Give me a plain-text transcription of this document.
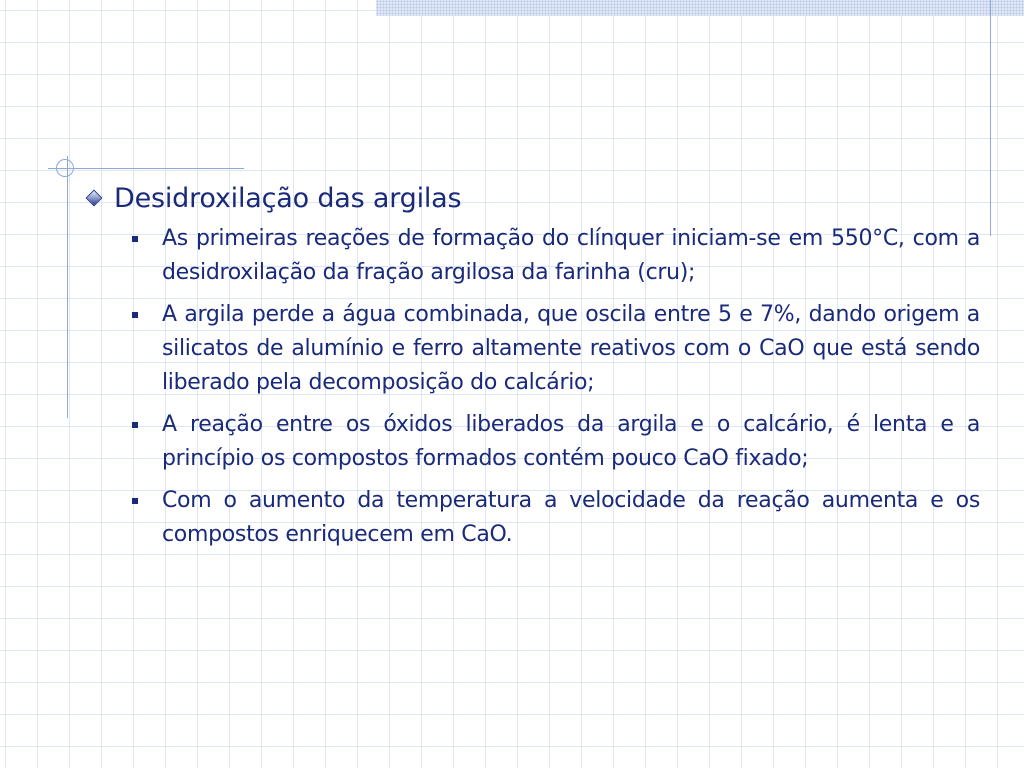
Desidroxilação das argilas
As primeiras reações de formação do clínquer iniciam-se em 550°C, com a desidroxilação da fração argilosa da farinha (cru);
A argila perde a água combinada, que oscila entre 5 e 7%, dando origem a silicatos de alumínio e ferro altamente reativos com o CaO que está sendo liberado pela decomposição do calcário;
A reação entre os óxidos liberados da argila e o calcário, é lenta e a princípio os compostos formados contém pouco CaO fixado;
Com o aumento da temperatura a velocidade da reação aumenta e os compostos enriquecem em CaO.
